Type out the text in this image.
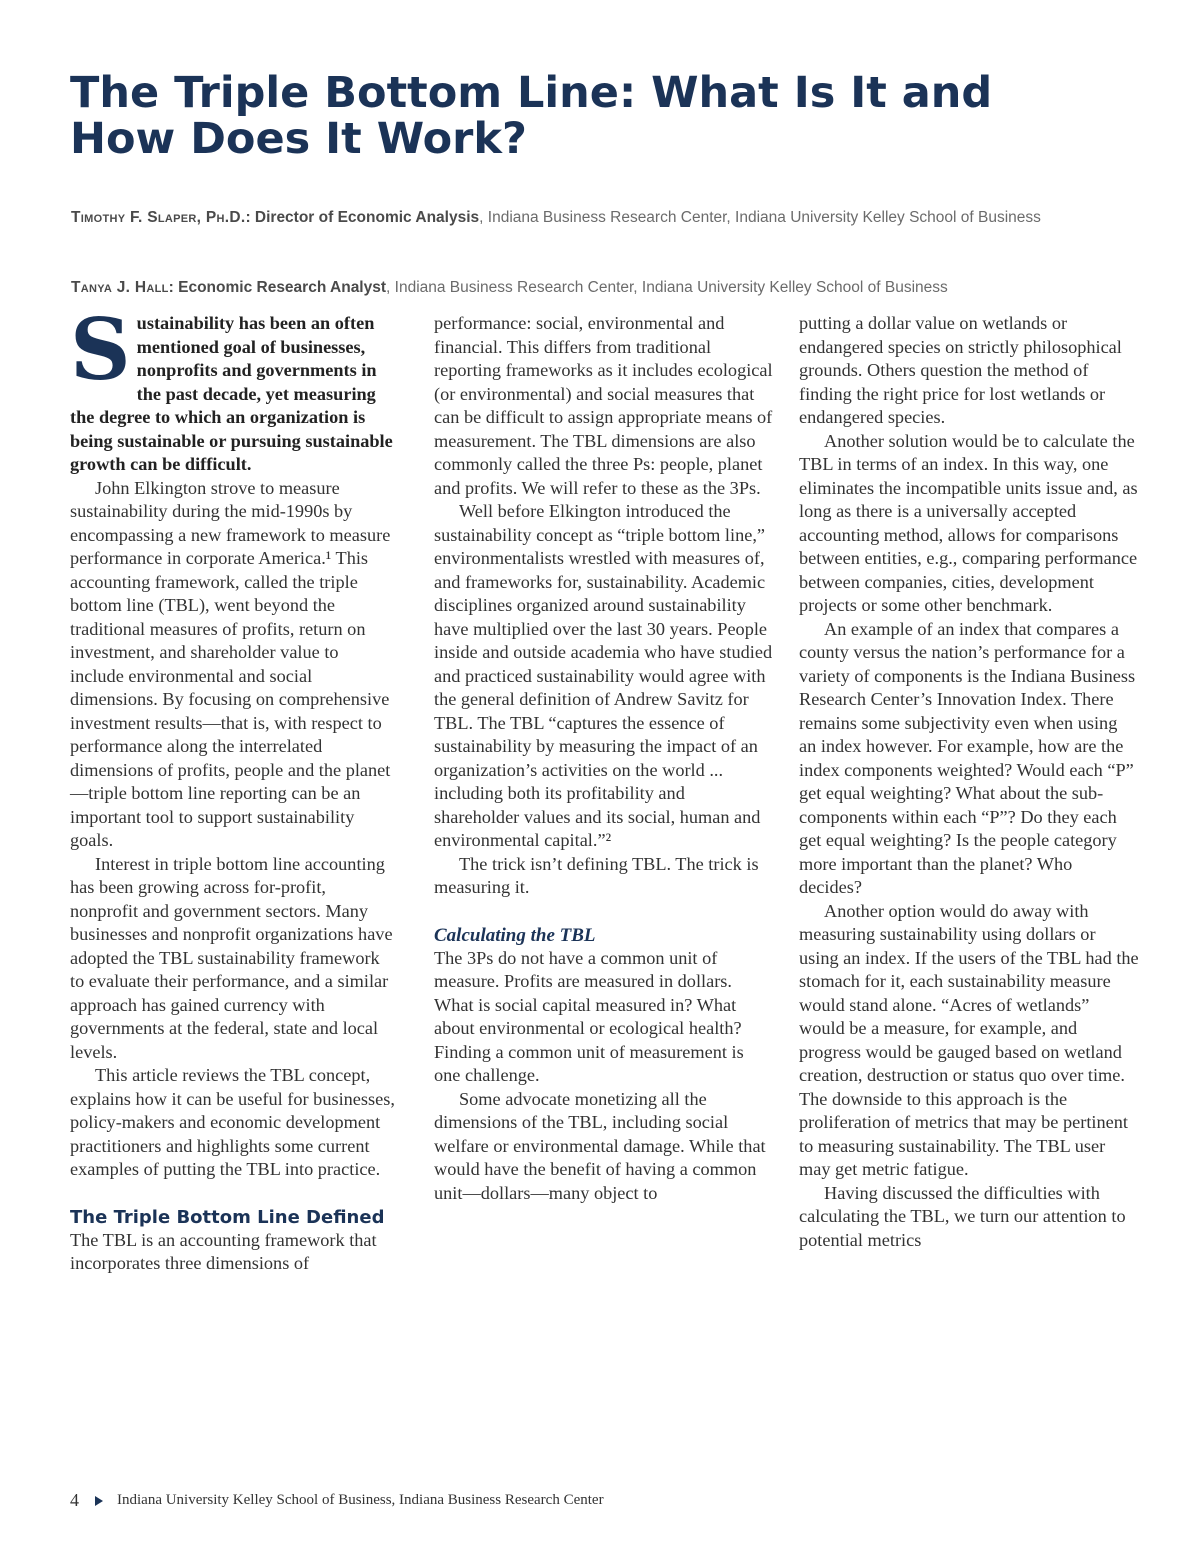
The Triple Bottom Line: What Is It and
How Does It Work?
Timothy F. Slaper, Ph.D.: Director of Economic Analysis, Indiana Business Research Center, Indiana University Kelley School of Business
Tanya J. Hall: Economic Research Analyst, Indiana Business Research Center, Indiana University Kelley School of Business

Sustainability has been an often mentioned goal of businesses, nonprofits and governments in the past decade, yet measuring the degree to which an organization is being sustainable or pursuing sustainable growth can be difficult.

John Elkington strove to measure sustainability during the mid-1990s by encompassing a new framework to measure performance in corporate America.¹ This accounting framework, called the triple bottom line (TBL), went beyond the traditional measures of profits, return on investment, and shareholder value to include environmental and social dimensions. By focusing on comprehensive investment results—that is, with respect to performance along the interrelated dimensions of profits, people and the planet—triple bottom line reporting can be an important tool to support sustainability goals.

Interest in triple bottom line accounting has been growing across for-profit, nonprofit and government sectors. Many businesses and nonprofit organizations have adopted the TBL sustainability framework to evaluate their performance, and a similar approach has gained currency with governments at the federal, state and local levels.

This article reviews the TBL concept, explains how it can be useful for businesses, policy-makers and economic development practitioners and highlights some current examples of putting the TBL into practice.

The Triple Bottom Line Defined

The TBL is an accounting framework that incorporates three dimensions of

performance: social, environmental and financial. This differs from traditional reporting frameworks as it includes ecological (or environmental) and social measures that can be difficult to assign appropriate means of measurement. The TBL dimensions are also commonly called the three Ps: people, planet and profits. We will refer to these as the 3Ps.

Well before Elkington introduced the sustainability concept as “triple bottom line,” environmentalists wrestled with measures of, and frameworks for, sustainability. Academic disciplines organized around sustainability have multiplied over the last 30 years. People inside and outside academia who have studied and practiced sustainability would agree with the general definition of Andrew Savitz for TBL. The TBL “captures the essence of sustainability by measuring the impact of an organization’s activities on the world ... including both its profitability and shareholder values and its social, human and environmental capital.”²

The trick isn’t defining TBL. The trick is measuring it.

Calculating the TBL

The 3Ps do not have a common unit of measure. Profits are measured in dollars. What is social capital measured in? What about environmental or ecological health? Finding a common unit of measurement is one challenge.

Some advocate monetizing all the dimensions of the TBL, including social welfare or environmental damage. While that would have the benefit of having a common unit—dollars—many object to

putting a dollar value on wetlands or endangered species on strictly philosophical grounds. Others question the method of finding the right price for lost wetlands or endangered species.

Another solution would be to calculate the TBL in terms of an index. In this way, one eliminates the incompatible units issue and, as long as there is a universally accepted accounting method, allows for comparisons between entities, e.g., comparing performance between companies, cities, development projects or some other benchmark.

An example of an index that compares a county versus the nation’s performance for a variety of components is the Indiana Business Research Center’s Innovation Index. There remains some subjectivity even when using an index however. For example, how are the index components weighted? Would each “P” get equal weighting? What about the sub-components within each “P”? Do they each get equal weighting? Is the people category more important than the planet? Who decides?

Another option would do away with measuring sustainability using dollars or using an index. If the users of the TBL had the stomach for it, each sustainability measure would stand alone. “Acres of wetlands” would be a measure, for example, and progress would be gauged based on wetland creation, destruction or status quo over time. The downside to this approach is the proliferation of metrics that may be pertinent to measuring sustainability. The TBL user may get metric fatigue.

Having discussed the difficulties with calculating the TBL, we turn our attention to potential metrics

4	Indiana University Kelley School of Business, Indiana Business Research Center
